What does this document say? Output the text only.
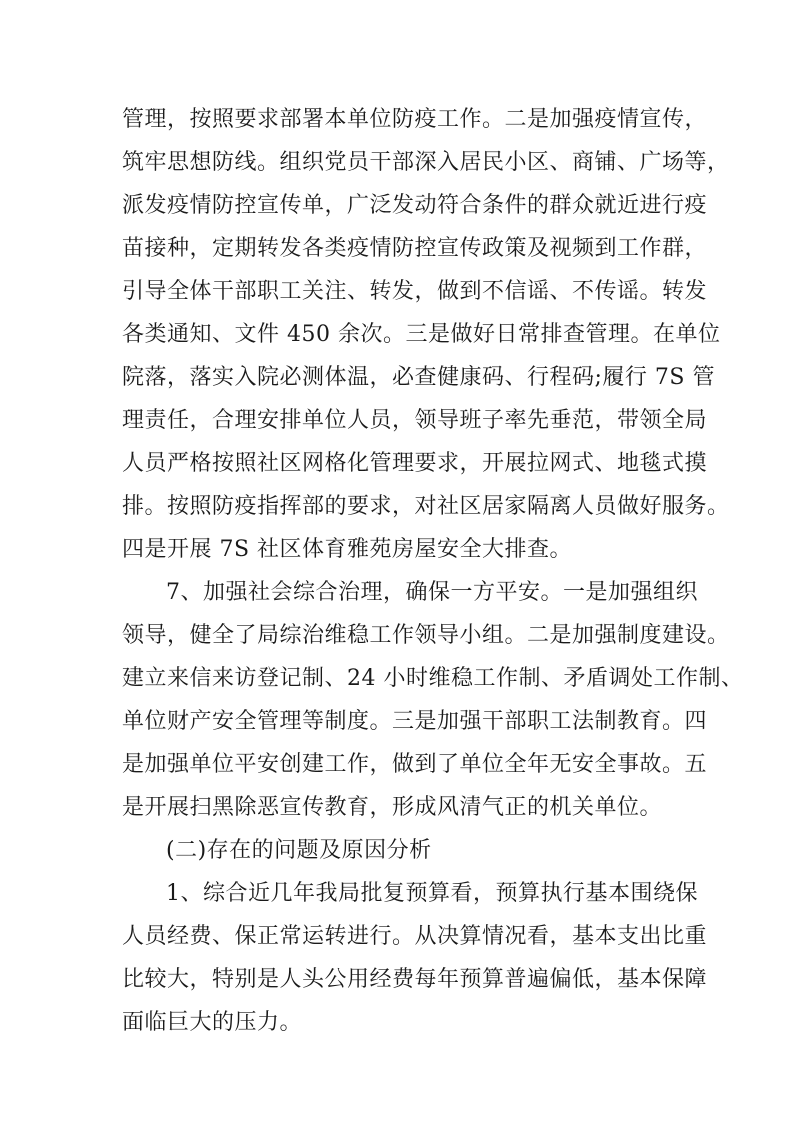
管理，按照要求部署本单位防疫工作。二是加强疫情宣传，
筑牢思想防线。组织党员干部深入居民小区、商铺、广场等，
派发疫情防控宣传单，广泛发动符合条件的群众就近进行疫
苗接种，定期转发各类疫情防控宣传政策及视频到工作群，
引导全体干部职工关注、转发，做到不信谣、不传谣。转发
各类通知、文件 450 余次。三是做好日常排查管理。在单位
院落，落实入院必测体温，必查健康码、行程码;履行 7S 管
理责任，合理安排单位人员，领导班子率先垂范，带领全局
人员严格按照社区网格化管理要求，开展拉网式、地毯式摸
排。按照防疫指挥部的要求，对社区居家隔离人员做好服务。
四是开展 7S 社区体育雅苑房屋安全大排查。
7、加强社会综合治理，确保一方平安。一是加强组织
领导，健全了局综治维稳工作领导小组。二是加强制度建设。
建立来信来访登记制、24 小时维稳工作制、矛盾调处工作制、
单位财产安全管理等制度。三是加强干部职工法制教育。四
是加强单位平安创建工作，做到了单位全年无安全事故。五
是开展扫黑除恶宣传教育，形成风清气正的机关单位。
(二)存在的问题及原因分析
1、综合近几年我局批复预算看，预算执行基本围绕保
人员经费、保正常运转进行。从决算情况看，基本支出比重
比较大，特别是人头公用经费每年预算普遍偏低，基本保障
面临巨大的压力。
